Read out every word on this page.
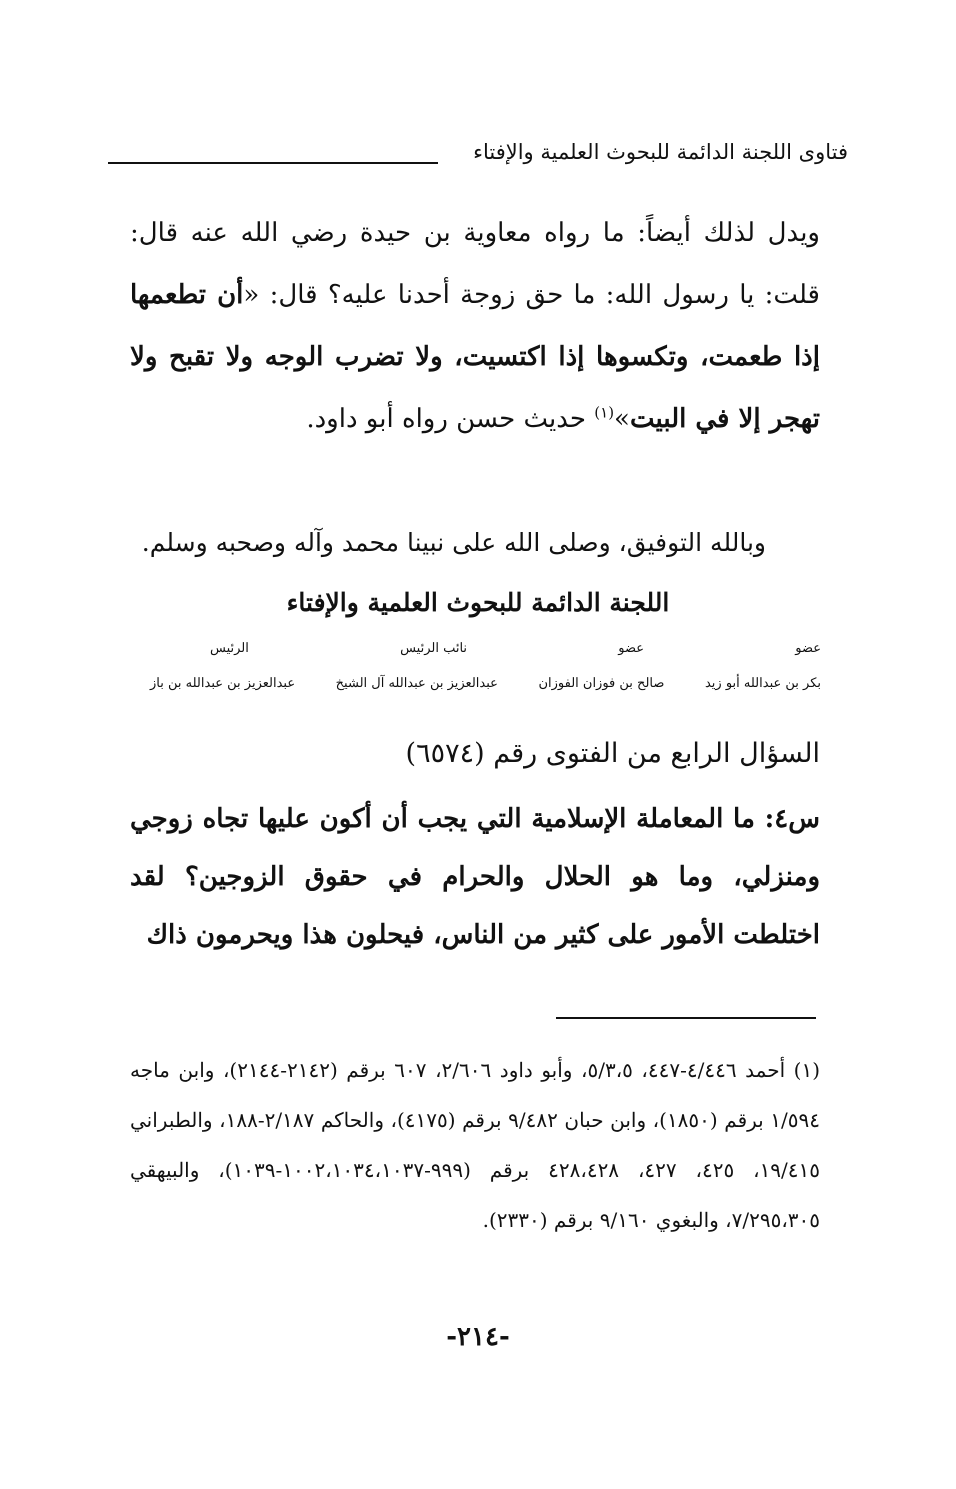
فتاوى اللجنة الدائمة للبحوث العلمية والإفتاء

ويدل لذلك أيضاً: ما رواه معاوية بن حيدة رضي الله عنه قال: قلت: يا رسول الله: ما حق زوجة أحدنا عليه؟ قال: «أن تطعمها إذا طعمت، وتكسوها إذا اكتسيت، ولا تضرب الوجه ولا تقبح ولا تهجر إلا في البيت»$^{(١)}$ حديث حسن رواه أبو داود.

وبالله التوفيق، وصلى الله على نبينا محمد وآله وصحبه وسلم.
اللجنة الدائمة للبحوث العلمية والإفتاء
عضو
عضو
نائب الرئيس
الرئيس
بكر بن عبدالله أبو زيد
صالح بن فوزان الفوزان
عبدالعزيز بن عبدالله آل الشيخ
عبدالعزيز بن عبدالله بن باز
السؤال الرابع من الفتوى رقم (٦٥٧٤)

س٤: ما المعاملة الإسلامية التي يجب أن أكون عليها تجاه زوجي ومنزلي، وما هو الحلال والحرام في حقوق الزوجين؟ لقد اختلطت الأمور على كثير من الناس، فيحلون هذا ويحرمون ذاك

(١) أحمد ٤/٤٤٦-٤٤٧، ٥/٣،٥، وأبو داود ٢/٦٠٦، ٦٠٧ برقم (٢١٤٢-٢١٤٤)، وابن ماجه ١/٥٩٤ برقم (١٨٥٠)، وابن حبان ٩/٤٨٢ برقم (٤١٧٥)، والحاكم ٢/١٨٧-١٨٨، والطبراني ١٩/٤١٥، ٤٢٥، ٤٢٧، ٤٢٨،٤٢٨ برقم (٩٩٩-١٠٠٢،١٠٣٤،١٠٣٧-١٠٣٩)، والبيهقي ٧/٢٩٥،٣٠٥، والبغوي ٩/١٦٠ برقم (٢٣٣٠).

-٢١٤-
